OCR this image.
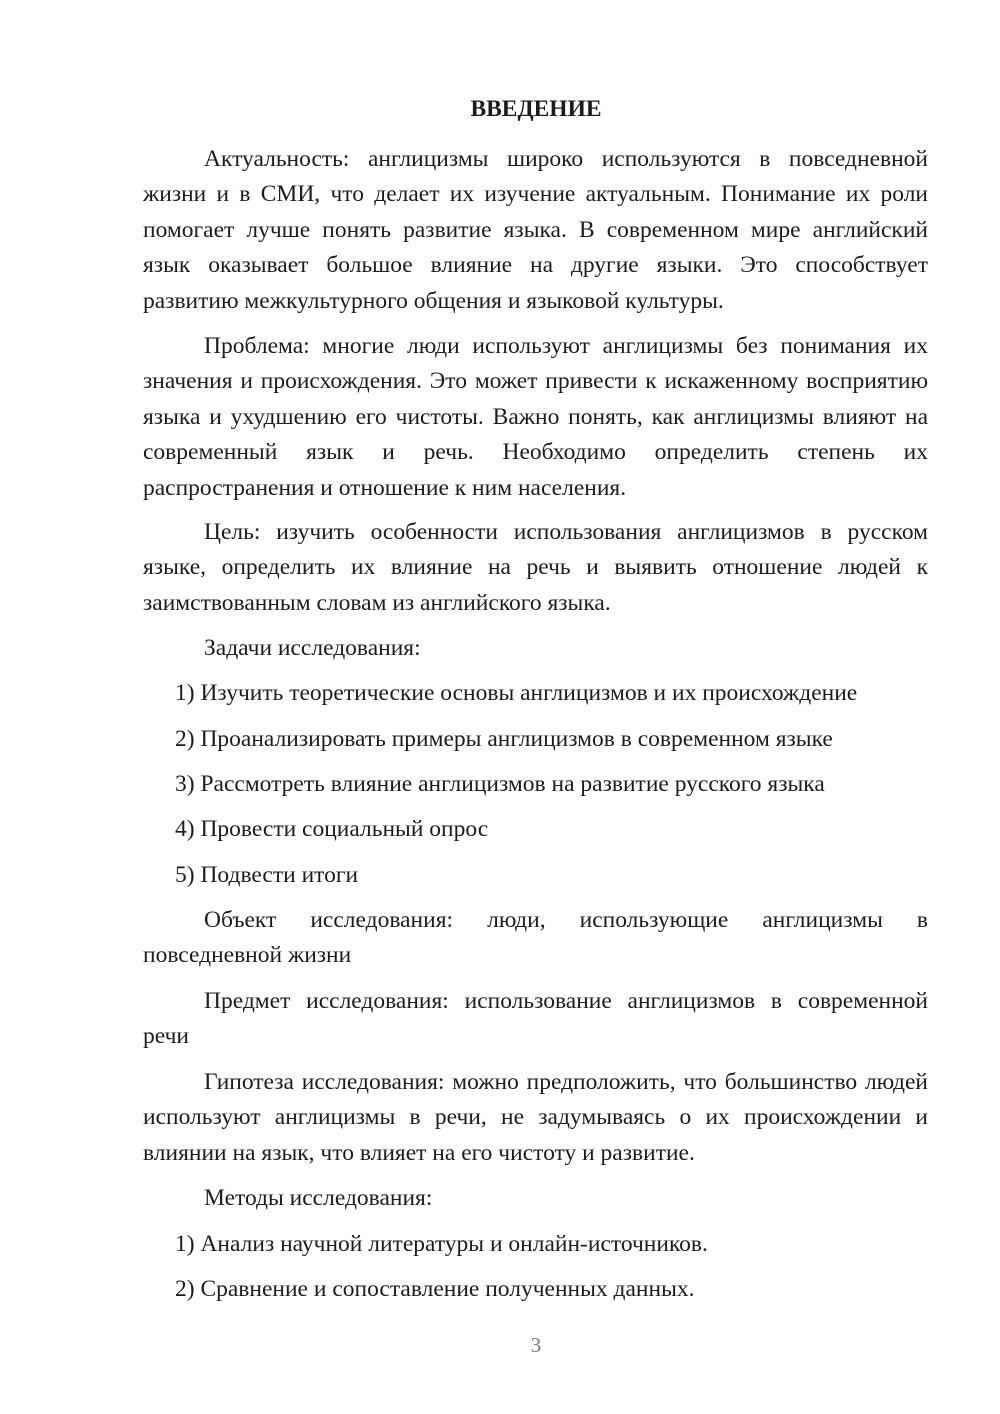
ВВЕДЕНИЕ

Актуальность: англицизмы широко используются в повседневной жизни и в СМИ, что делает их изучение актуальным. Понимание их роли помогает лучше понять развитие языка. В современном мире английский язык оказывает большое влияние на другие языки. Это способствует развитию межкультурного общения и языковой культуры.

Проблема: многие люди используют англицизмы без понимания их значения и происхождения. Это может привести к искаженному восприятию языка и ухудшению его чистоты. Важно понять, как англицизмы влияют на современный язык и речь. Необходимо определить степень их распространения и отношение к ним населения.

Цель: изучить особенности использования англицизмов в русском языке, определить их влияние на речь и выявить отношение людей к заимствованным словам из английского языка.

Задачи исследования:

1) Изучить теоретические основы англицизмов и их происхождение

2) Проанализировать примеры англицизмов в современном языке

3) Рассмотреть влияние англицизмов на развитие русского языка

4) Провести социальный опрос

5) Подвести итоги

Объект исследования: люди, использующие англицизмы в повседневной жизни

Предмет исследования: использование англицизмов в современной речи

Гипотеза исследования: можно предположить, что большинство людей используют англицизмы в речи, не задумываясь о их происхождении и влиянии на язык, что влияет на его чистоту и развитие.

Методы исследования:

1) Анализ научной литературы и онлайн-источников.

2) Сравнение и сопоставление полученных данных.

3
